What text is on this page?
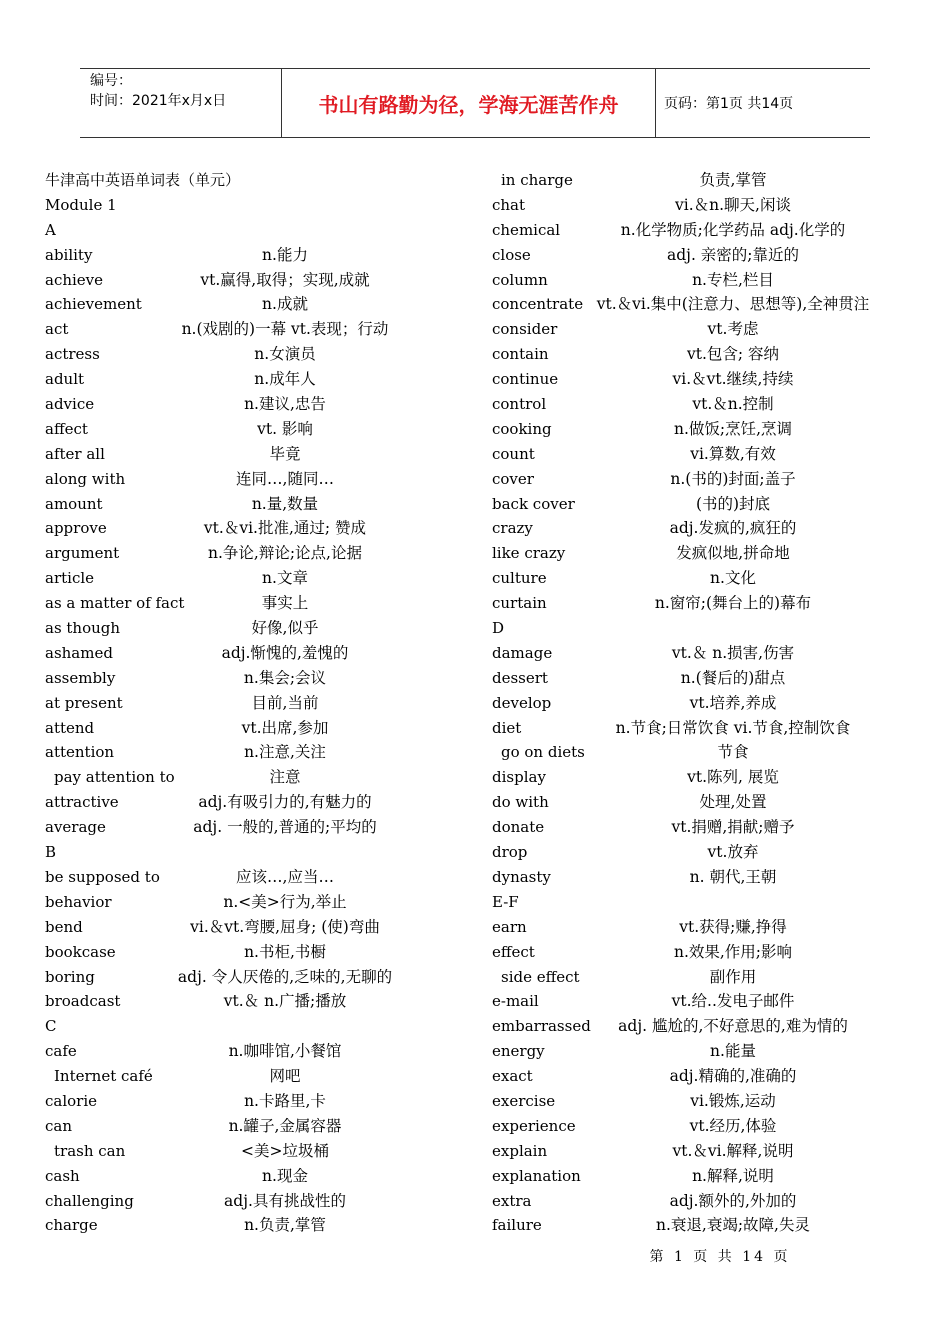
编号：
时间：2021年x月x日	书山有路勤为径，学海无涯苦作舟	页码：第1页 共14页
牛津高中英语单词表（单元）
Module 1
A
ability	n.能力
achieve	vt.赢得,取得；实现,成就
achievement	n.成就
act	n.(戏剧的)一幕 vt.表现；行动
actress	n.女演员
adult	n.成年人
advice	n.建议,忠告
affect	vt. 影响
after all	毕竟
along with	连同…,随同…
amount	n.量,数量
approve	vt.＆vi.批准,通过; 赞成
argument	n.争论,辩论;论点,论据
article	n.文章
as a matter of fact	事实上
as though	好像,似乎
ashamed	adj.惭愧的,羞愧的
assembly	n.集会;会议
at present	目前,当前
attend	vt.出席,参加
attention	n.注意,关注
pay attention to	注意
attractive	adj.有吸引力的,有魅力的
average	adj. 一般的,普通的;平均的
B
be supposed to	应该…,应当…
behavior	n.<美>行为,举止
bend	vi.＆vt.弯腰,屈身; (使)弯曲
bookcase	n.书柜,书橱
boring	adj. 令人厌倦的,乏味的,无聊的
broadcast	vt.＆ n.广播;播放
C
cafe	n.咖啡馆,小餐馆
Internet café	网吧
calorie	n.卡路里,卡
can	n.罐子,金属容器
trash can	<美>垃圾桶
cash	n.现金
challenging	adj.具有挑战性的
charge	n.负责,掌管
in charge	负责,掌管
chat	vi.＆n.聊天,闲谈
chemical	n.化学物质;化学药品 adj.化学的
close	adj. 亲密的;靠近的
column	n.专栏,栏目
concentrate vt.＆vi.集中(注意力、思想等),全神贯注
consider	vt.考虑
contain	vt.包含; 容纳
continue	vi.＆vt.继续,持续
control	vt.＆n.控制
cooking	n.做饭;烹饪,烹调
count	vi.算数,有效
cover	n.(书的)封面;盖子
back cover	(书的)封底
crazy	adj.发疯的,疯狂的
like crazy	发疯似地,拼命地
culture	n.文化
curtain	n.窗帘;(舞台上的)幕布
D
damage	vt.＆ n.损害,伤害
dessert	n.(餐后的)甜点
develop	vt.培养,养成
diet	n.节食;日常饮食 vi.节食,控制饮食
go on diets	节食
display	vt.陈列, 展览
do with	处理,处置
donate	vt.捐赠,捐献;赠予
drop	vt.放弃
dynasty	n. 朝代,王朝
E-F
earn	vt.获得;赚,挣得
effect	n.效果,作用;影响
side effect	副作用
e-mail	vt.给..发电子邮件
embarrassed	adj. 尴尬的,不好意思的,难为情的
energy	n.能量
exact	adj.精确的,准确的
exercise	vi.锻炼,运动
experience	vt.经历,体验
explain	vt.＆vi.解释,说明
explanation	n.解释,说明
extra	adj.额外的,外加的
failure	n.衰退,衰竭;故障,失灵
第 1 页 共 14 页
